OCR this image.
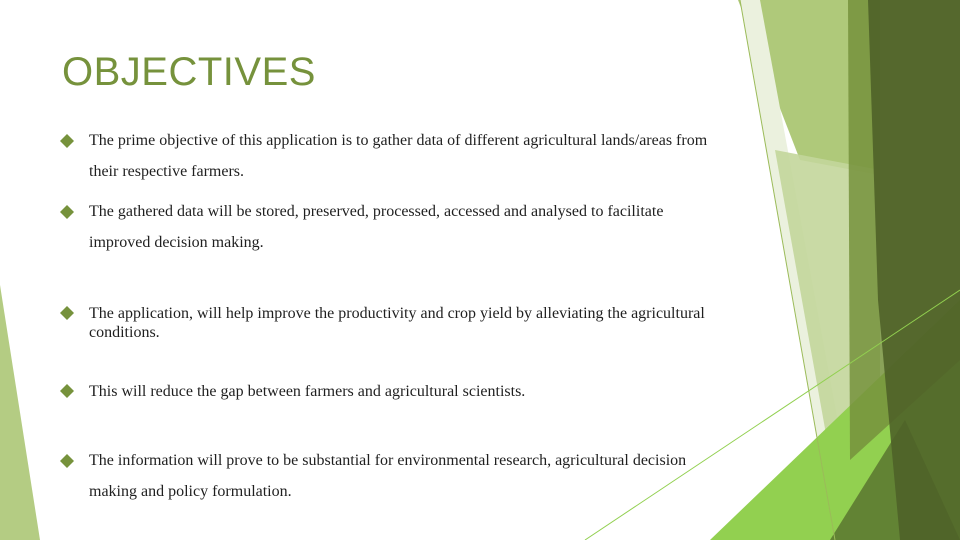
OBJECTIVES
The prime objective of this application is to gather data of different agricultural lands/areas from their respective farmers.
The gathered data will be stored, preserved, processed, accessed and analysed to facilitate improved decision making.
The application, will help improve the productivity and crop yield by alleviating the agricultural conditions.
This will reduce the gap between farmers and agricultural scientists.
The information will prove to be substantial for environmental research, agricultural decision making and policy formulation.
